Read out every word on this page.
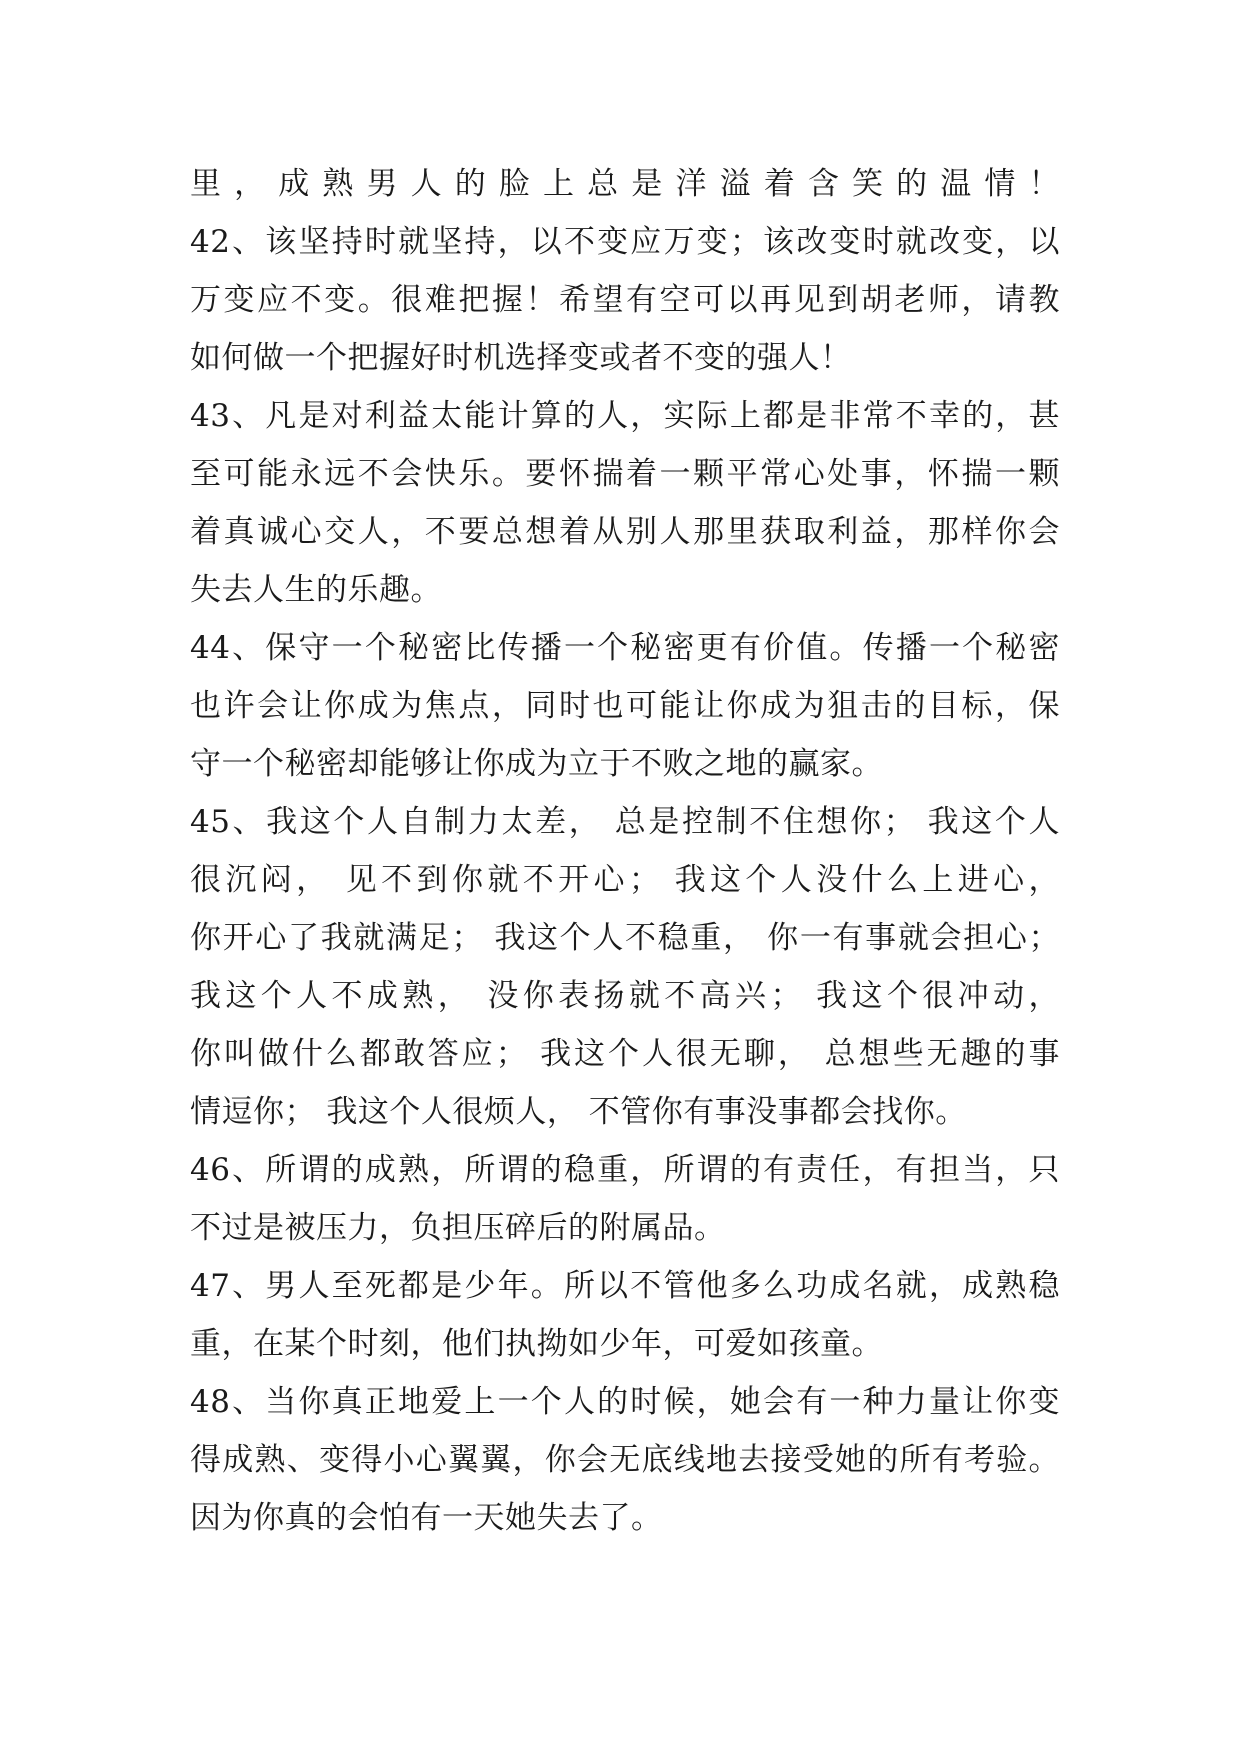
里，成熟男人的脸上总是洋溢着含笑的温情！
42、该坚持时就坚持，以不变应万变；该改变时就改变，以
万变应不变。很难把握！希望有空可以再见到胡老师，请教
如何做一个把握好时机选择变或者不变的强人！
43、凡是对利益太能计算的人，实际上都是非常不幸的，甚
至可能永远不会快乐。要怀揣着一颗平常心处事，怀揣一颗
着真诚心交人，不要总想着从别人那里获取利益，那样你会
失去人生的乐趣。
44、保守一个秘密比传播一个秘密更有价值。传播一个秘密
也许会让你成为焦点，同时也可能让你成为狙击的目标，保
守一个秘密却能够让你成为立于不败之地的赢家。
45、我这个人自制力太差， 总是控制不住想你； 我这个人
很沉闷， 见不到你就不开心； 我这个人没什么上进心，
你开心了我就满足； 我这个人不稳重， 你一有事就会担心；
我这个人不成熟， 没你表扬就不高兴； 我这个很冲动，
你叫做什么都敢答应； 我这个人很无聊， 总想些无趣的事
情逗你； 我这个人很烦人， 不管你有事没事都会找你。
46、所谓的成熟，所谓的稳重，所谓的有责任，有担当，只
不过是被压力，负担压碎后的附属品。
47、男人至死都是少年。所以不管他多么功成名就，成熟稳
重，在某个时刻，他们执拗如少年，可爱如孩童。
48、当你真正地爱上一个人的时候，她会有一种力量让你变
得成熟、变得小心翼翼，你会无底线地去接受她的所有考验。
因为你真的会怕有一天她失去了。
